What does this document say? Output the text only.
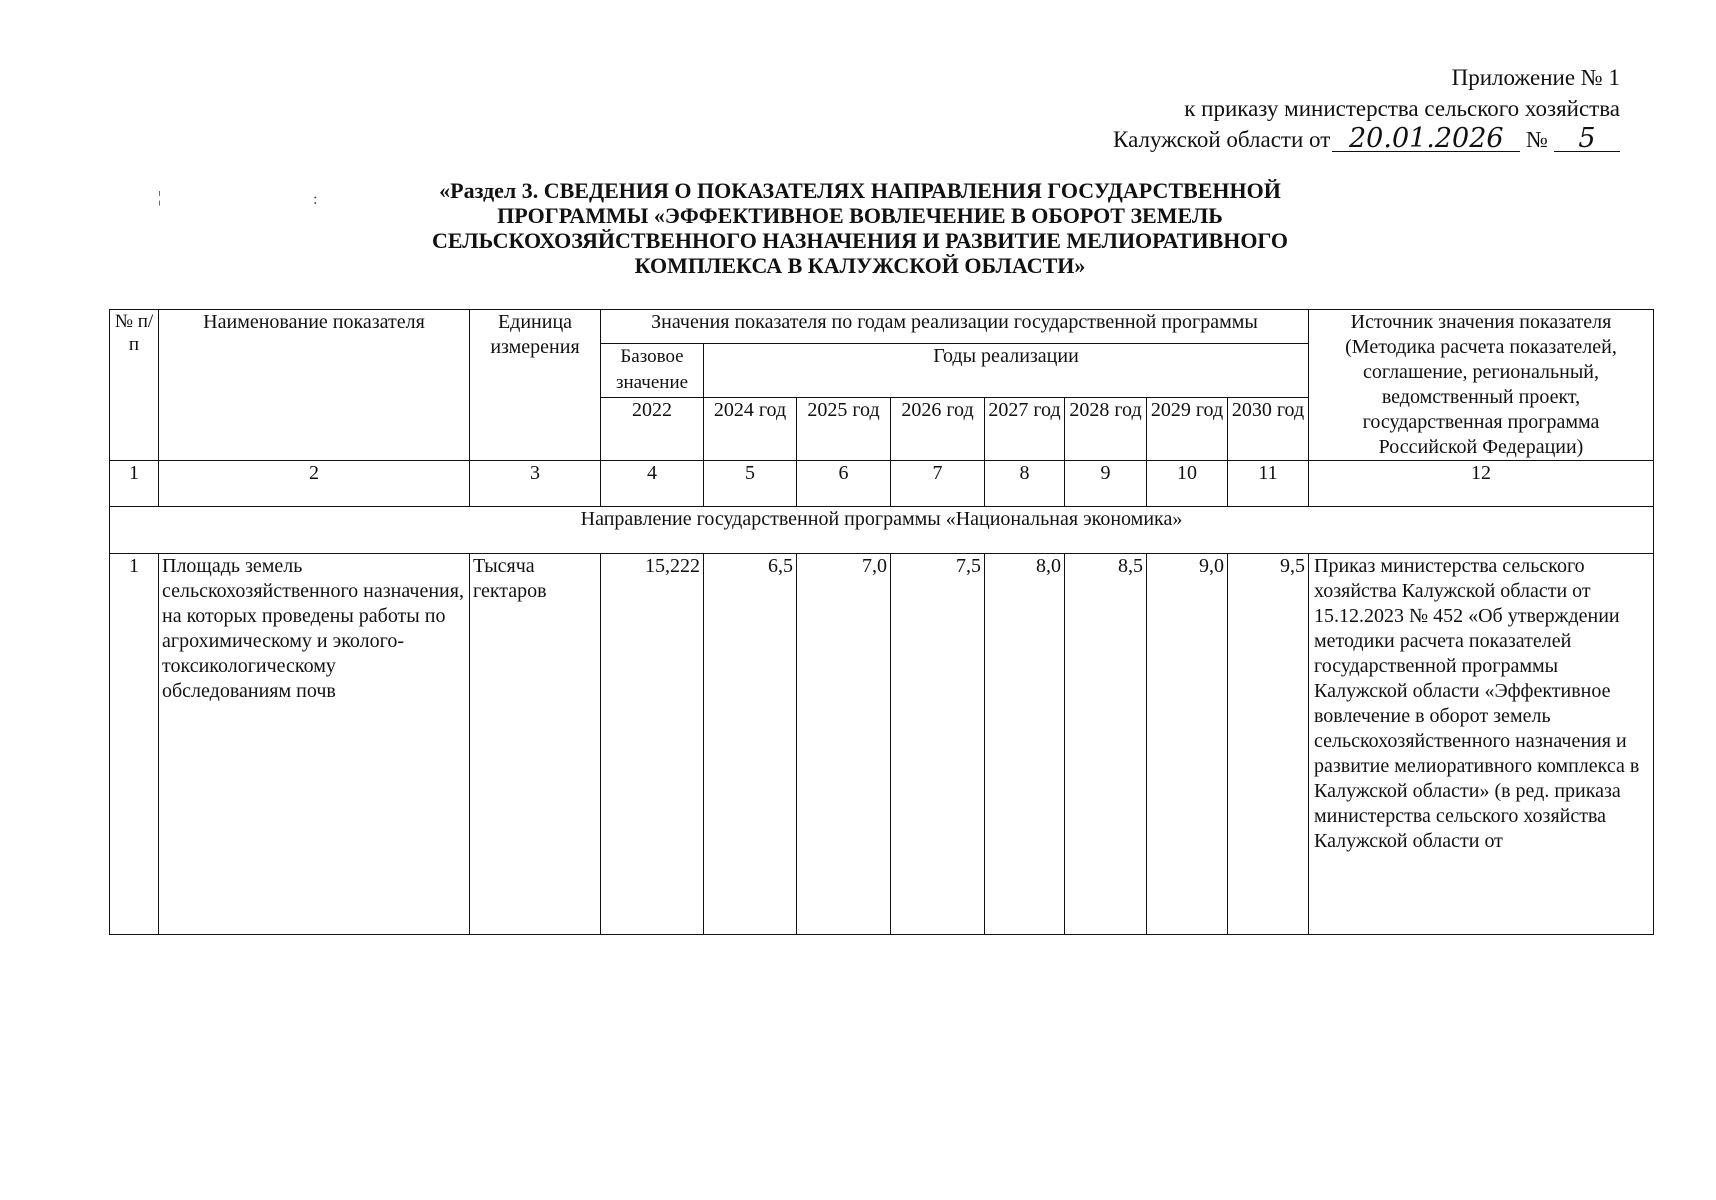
Приложение № 1
к приказу министерства сельского хозяйства
Калужской области от 20.01.2026 № 5
¦	:	«Раздел 3. СВЕДЕНИЯ О ПОКАЗАТЕЛЯХ НАПРАВЛЕНИЯ ГОСУДАРСТВЕННОЙ
ПРОГРАММЫ «ЭФФЕКТИВНОЕ ВОВЛЕЧЕНИЕ В ОБОРОТ ЗЕМЕЛЬ
СЕЛЬСКОХОЗЯЙСТВЕННОГО НАЗНАЧЕНИЯ И РАЗВИТИЕ МЕЛИОРАТИВНОГО
КОМПЛЕКСА В КАЛУЖСКОЙ ОБЛАСТИ»
№ п/п	Наименование показателя	Единица измерения	Значения показателя по годам реализации государственной программы								Источник значения показателя (Методика расчета показателей, соглашение, региональный, ведомственный проект, государственная программа Российской Федерации)
			Базовое значение	Годы реализации							
			2022	2024 год	2025 год	2026 год	2027 год	2028 год	2029 год	2030 год	
1	2	3	4	5	6	7	8	9	10	11	12
Направление государственной программы «Национальная экономика»											
1	Площадь земель сельскохозяйственного назначения, на которых проведены работы по агрохимическому и эколого-токсикологическому обследованиям почв	Тысяча гектаров	15,222	6,5	7,0	7,5	8,0	8,5	9,0	9,5	Приказ министерства сельского хозяйства Калужской области от 15.12.2023 № 452 «Об утверждении методики расчета показателей государственной программы Калужской области «Эффективное вовлечение в оборот земель сельскохозяйственного назначения и развитие мелиоративного комплекса в Калужской области» (в ред. приказа министерства сельского хозяйства Калужской области от
